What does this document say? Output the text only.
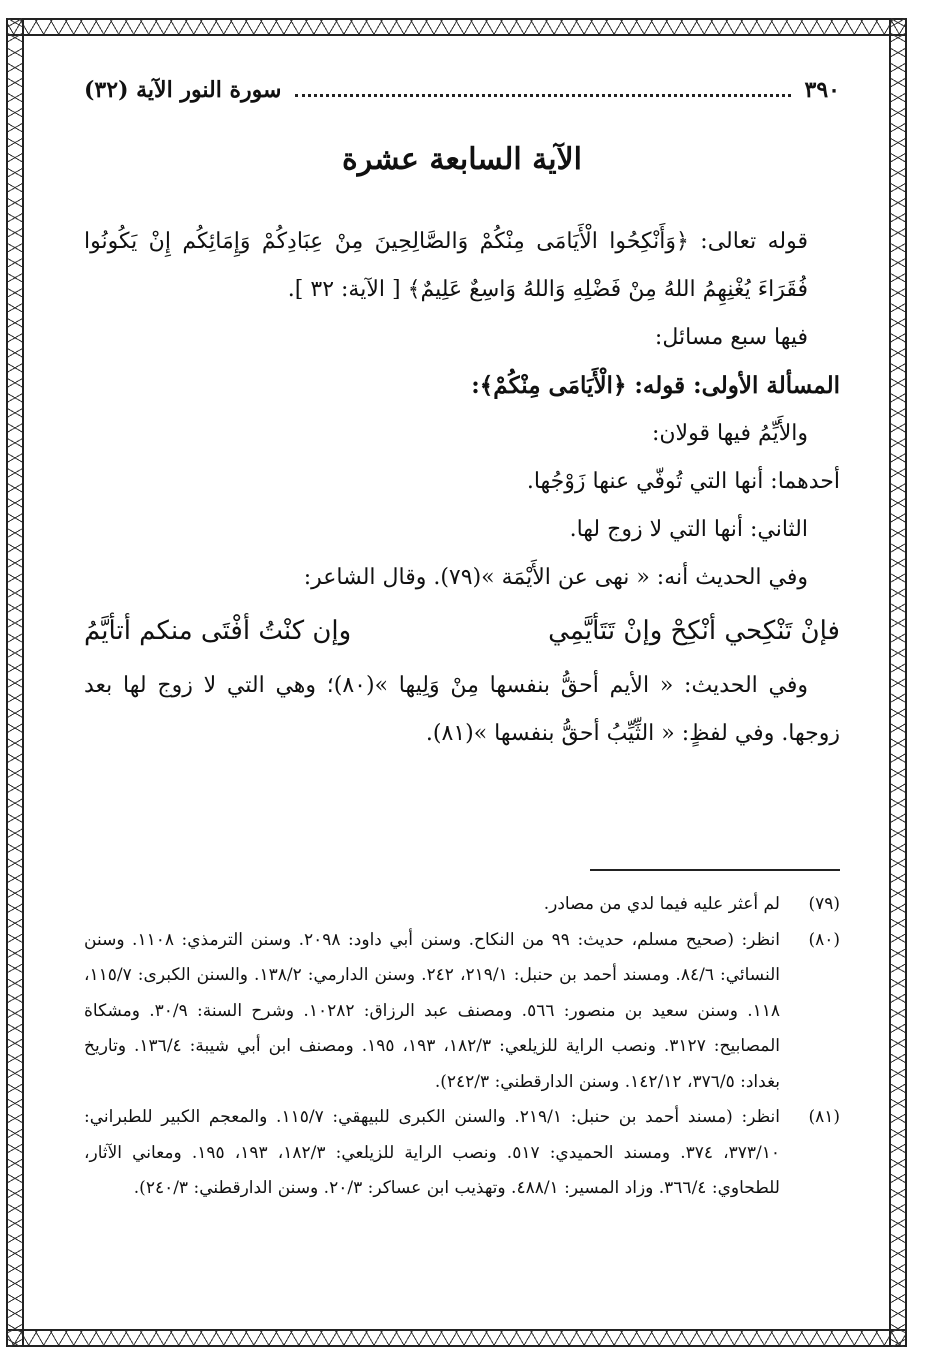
٣٩٠
سورة النور الآية (٣٢)
الآية السابعة عشرة

قوله تعالى: ﴿وَأَنْكِحُوا الْأَيَامَى مِنْكُمْ وَالصَّالِحِينَ مِنْ عِبَادِكُمْ وَإِمَائِكُم إِنْ يَكُونُوا فُقَرَاءَ يُغْنِهِمُ اللهُ مِنْ فَضْلِهِ وَاللهُ وَاسِعٌ عَلِيمٌ﴾ [ الآية: ٣٢ ].

فيها سبع مسائل:

المسألة الأولى: قوله: ﴿الْأَيَامَى مِنْكُمْ﴾:

والأَيِّمُ فيها قولان:

أحدهما: أنها التي تُوفّي عنها زَوْجُها.

الثاني: أنها التي لا زوج لها.

وفي الحديث أنه: « نهى عن الأَيْمَة »(٧٩). وقال الشاعر:

فإنْ تَنْكِحي أنْكِحْ وإنْ تَتَأيَّمِي
وإن كنْتُ أفْتَى منكم أتأيَّمُ

وفي الحديث: « الأيم أحقُّ بنفسها مِنْ وَلِيها »(٨٠)؛ وهي التي لا زوج لها بعد زوجها. وفي لفظٍ: « الثِّيِّبُ أحقُّ بنفسها »(٨١).

(٧٩)
لم أعثر عليه فيما لدي من مصادر.
(٨٠)
انظر: (صحيح مسلم، حديث: ٩٩ من النكاح. وسنن أبي داود: ٢٠٩٨. وسنن الترمذي: ١١٠٨. وسنن النسائي: ٨٤/٦. ومسند أحمد بن حنبل: ٢١٩/١، ٢٤٢. وسنن الدارمي: ١٣٨/٢. والسنن الكبرى: ١١٥/٧، ١١٨. وسنن سعيد بن منصور: ٥٦٦. ومصنف عبد الرزاق: ١٠٢٨٢. وشرح السنة: ٣٠/٩. ومشكاة المصابيح: ٣١٢٧. ونصب الراية للزيلعي: ١٨٢/٣، ١٩٣، ١٩٥. ومصنف ابن أبي شيبة: ١٣٦/٤. وتاريخ بغداد: ٣٧٦/٥، ١٤٢/١٢. وسنن الدارقطني: ٢٤٢/٣).
(٨١)
انظر: (مسند أحمد بن حنبل: ٢١٩/١. والسنن الكبرى للبيهقي: ١١٥/٧. والمعجم الكبير للطبراني: ٣٧٣/١٠، ٣٧٤. ومسند الحميدي: ٥١٧. ونصب الراية للزيلعي: ١٨٢/٣، ١٩٣، ١٩٥. ومعاني الآثار، للطحاوي: ٣٦٦/٤. وزاد المسير: ٤٨٨/١. وتهذيب ابن عساكر: ٢٠/٣. وسنن الدارقطني: ٢٤٠/٣).
